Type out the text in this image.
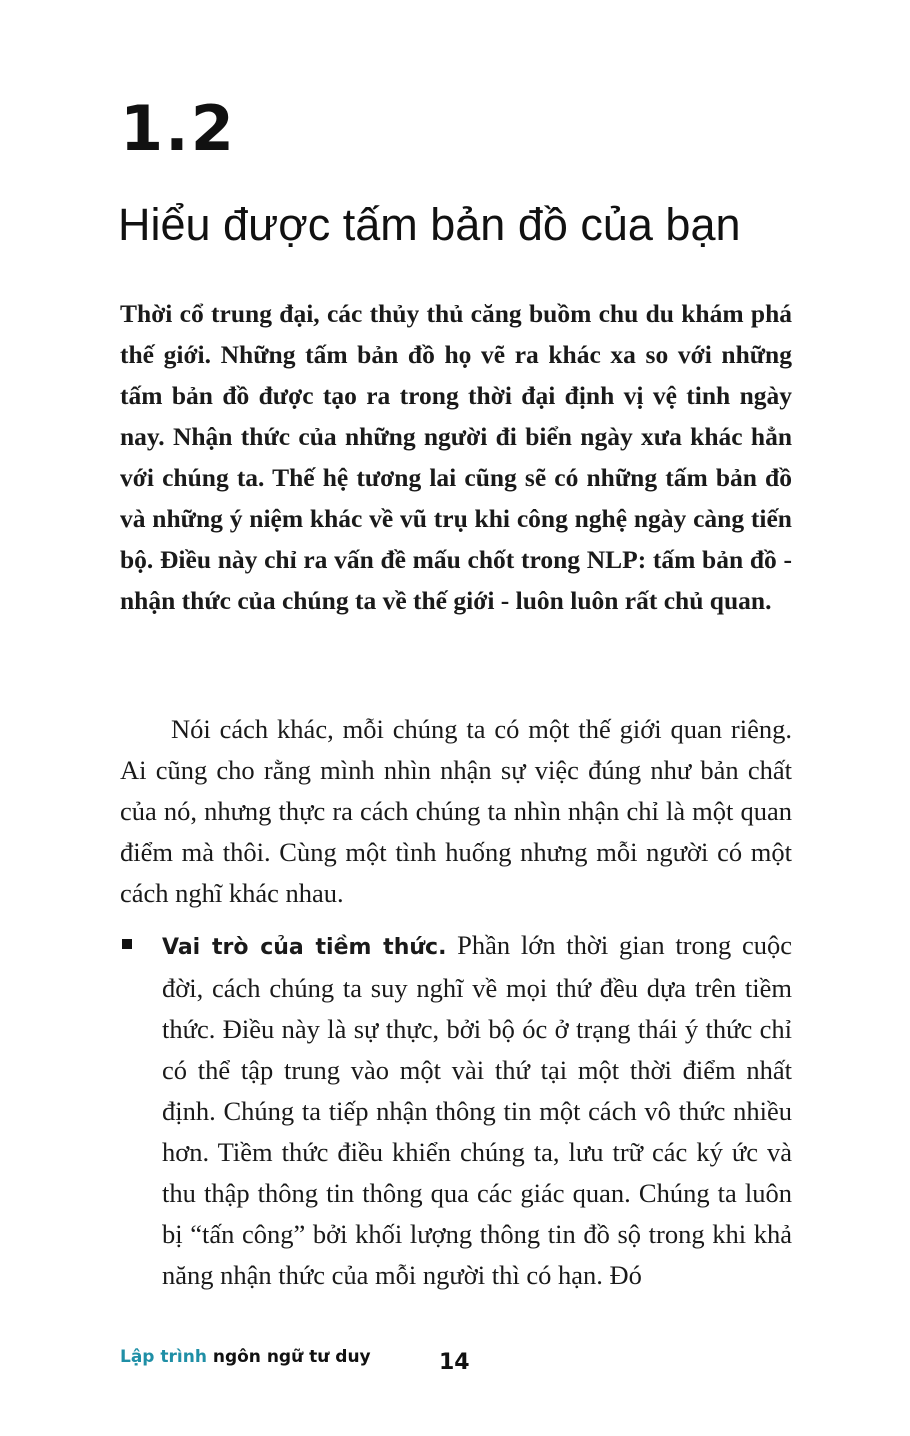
1.2
Hiểu được tấm bản đồ của bạn

Thời cổ trung đại, các thủy thủ căng buồm chu du khám phá thế giới. Những tấm bản đồ họ vẽ ra khác xa so với những tấm bản đồ được tạo ra trong thời đại định vị vệ tinh ngày nay. Nhận thức của những người đi biển ngày xưa khác hẳn với chúng ta. Thế hệ tương lai cũng sẽ có những tấm bản đồ và những ý niệm khác về vũ trụ khi công nghệ ngày càng tiến bộ. Điều này chỉ ra vấn đề mấu chốt trong NLP: tấm bản đồ - nhận thức của chúng ta về thế giới - luôn luôn rất chủ quan.

Nói cách khác, mỗi chúng ta có một thế giới quan riêng. Ai cũng cho rằng mình nhìn nhận sự việc đúng như bản chất của nó, nhưng thực ra cách chúng ta nhìn nhận chỉ là một quan điểm mà thôi. Cùng một tình huống nhưng mỗi người có một cách nghĩ khác nhau.

Vai trò của tiềm thức. Phần lớn thời gian trong cuộc đời, cách chúng ta suy nghĩ về mọi thứ đều dựa trên tiềm thức. Điều này là sự thực, bởi bộ óc ở trạng thái ý thức chỉ có thể tập trung vào một vài thứ tại một thời điểm nhất định. Chúng ta tiếp nhận thông tin một cách vô thức nhiều hơn. Tiềm thức điều khiển chúng ta, lưu trữ các ký ức và thu thập thông tin thông qua các giác quan. Chúng ta luôn bị “tấn công” bởi khối lượng thông tin đồ sộ trong khi khả năng nhận thức của mỗi người thì có hạn. Đó

Lập trình ngôn ngữ tư duy	14
